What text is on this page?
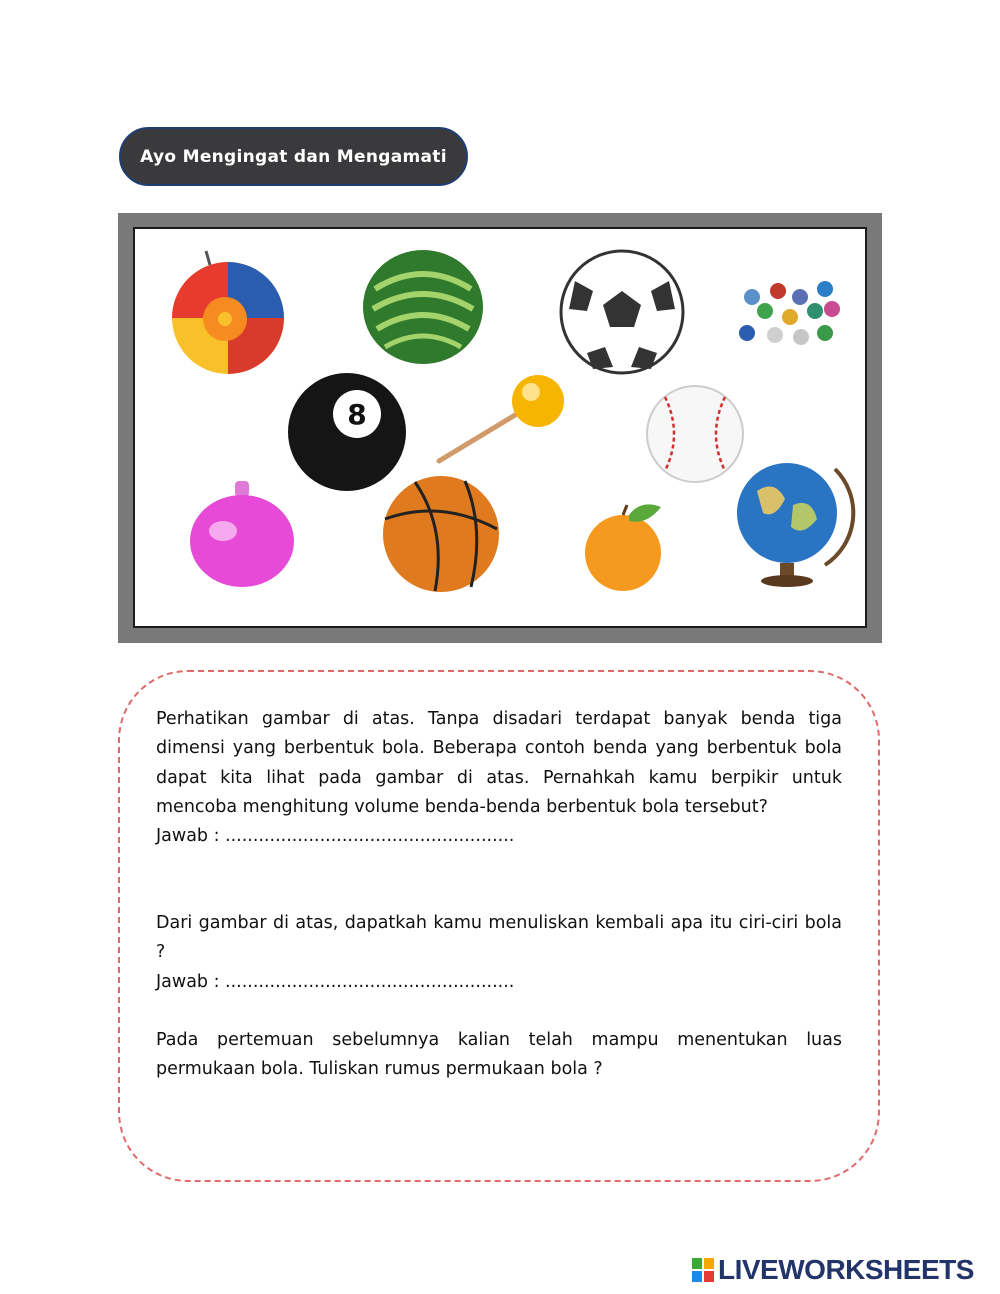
Ayo Mengingat dan Mengamati
8

Perhatikan gambar di atas. Tanpa disadari terdapat banyak benda tiga dimensi yang berbentuk bola. Beberapa contoh benda yang berbentuk bola dapat kita lihat pada gambar di atas. Pernahkah kamu berpikir untuk mencoba menghitung volume benda-benda berbentuk bola tersebut?

Jawab : ....................................................

Dari gambar di atas, dapatkah kamu menuliskan kembali apa itu ciri-ciri bola ?

Jawab : ....................................................

Pada pertemuan sebelumnya kalian telah mampu menentukan luas permukaan bola. Tuliskan rumus permukaan bola ?

LIVEWORKSHEETS
